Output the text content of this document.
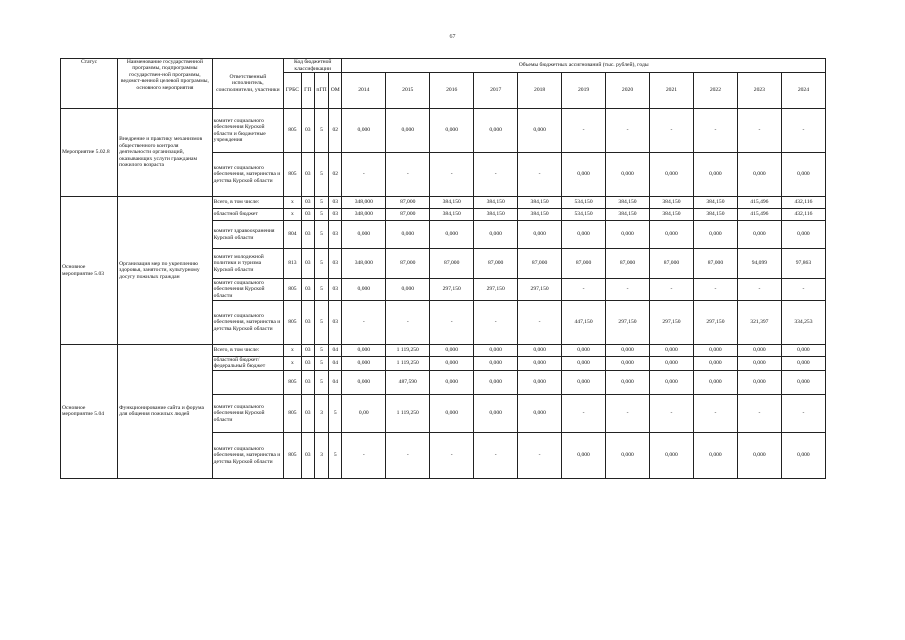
67
Статус	Наименование государственной программы, подпрограммы государствен-ной программы, ведомст-венной целевой программы, основного мероприятия	Ответственный исполнитель, соисполнители, участники	Код бюджетной классификации				Объемы бюджетных ассигнований (тыс. рублей), годы										
			ГРБС	ГП	пГП	ОМ	2014	2015	2016	2017	2018	2019	2020	2021	2022	2023	2024
Мероприятие 5.02.8	Внедрение и практику механизмов общественного контроля деятельности организаций, оказывающих услуги гражданам пожилого возраста	комитет социального обеспечения Курской области и бюджетные учреждения	805	03	5	02	0,000	0,000	0,000	0,000	0,000	-	-	-	-	-	-
		комитет социального обеспечения, материнства и детства Курской области	805	03	5	02	-	-	-	-	-	0,000	0,000	0,000	0,000	0,000	0,000
Основное мероприятие 5.03	Организация мер по укреплению здоровья, занятости, культурному досугу пожилых граждан	Всего, в том числе:	x	03	5	03	348,000	87,000	384,150	384,150	384,150	534,150	384,150	384,150	384,150	415,496	432,116
		областной бюджет	x	03	5	03	348,000	87,000	384,150	384,150	384,150	534,150	384,150	384,150	384,150	415,496	432,116
		комитет здравоохранения Курской области	804	03	5	03	0,000	0,000	0,000	0,000	0,000	0,000	0,000	0,000	0,000	0,000	0,000
		комитет молодежной политики и туризма Курской области	813	03	5	03	348,000	87,000	87,000	87,000	87,000	87,000	87,000	87,000	87,000	94,099	97,863
		комитет социального обеспечения Курской области	805	03	5	03	0,000	0,000	297,150	297,150	297,150	-	-	-	-	-	-
		комитет социального обеспечения, материнства и детства Курской области	805	03	5	03	-	-	-	-	-	447,150	297,150	297,150	297,150	321,397	334,253
Основное мероприятие 5.04	Функционирование сайта и форума для общения пожилых людей	Всего, в том числе:	x	03	5	04	0,000	1 119,250	0,000	0,000	0,000	0,000	0,000	0,000	0,000	0,000	0,000
		областной бюджет/ федеральный бюджет	x	03	5	04	0,000	1 119,250	0,000	0,000	0,000	0,000	0,000	0,000	0,000	0,000	0,000
			805	03	5	04	0,000	487,590	0,000	0,000	0,000	0,000	0,000	0,000	0,000	0,000	0,000
		комитет социального обеспечения Курской области	805	03	3	5	0,00	1 119,250	0,000	0,000	0,000	-	-	-	-	-	-
		комитет социального обеспечения, материнства и детства Курской области	805	03	3	5	-	-	-	-	-	0,000	0,000	0,000	0,000	0,000	0,000
